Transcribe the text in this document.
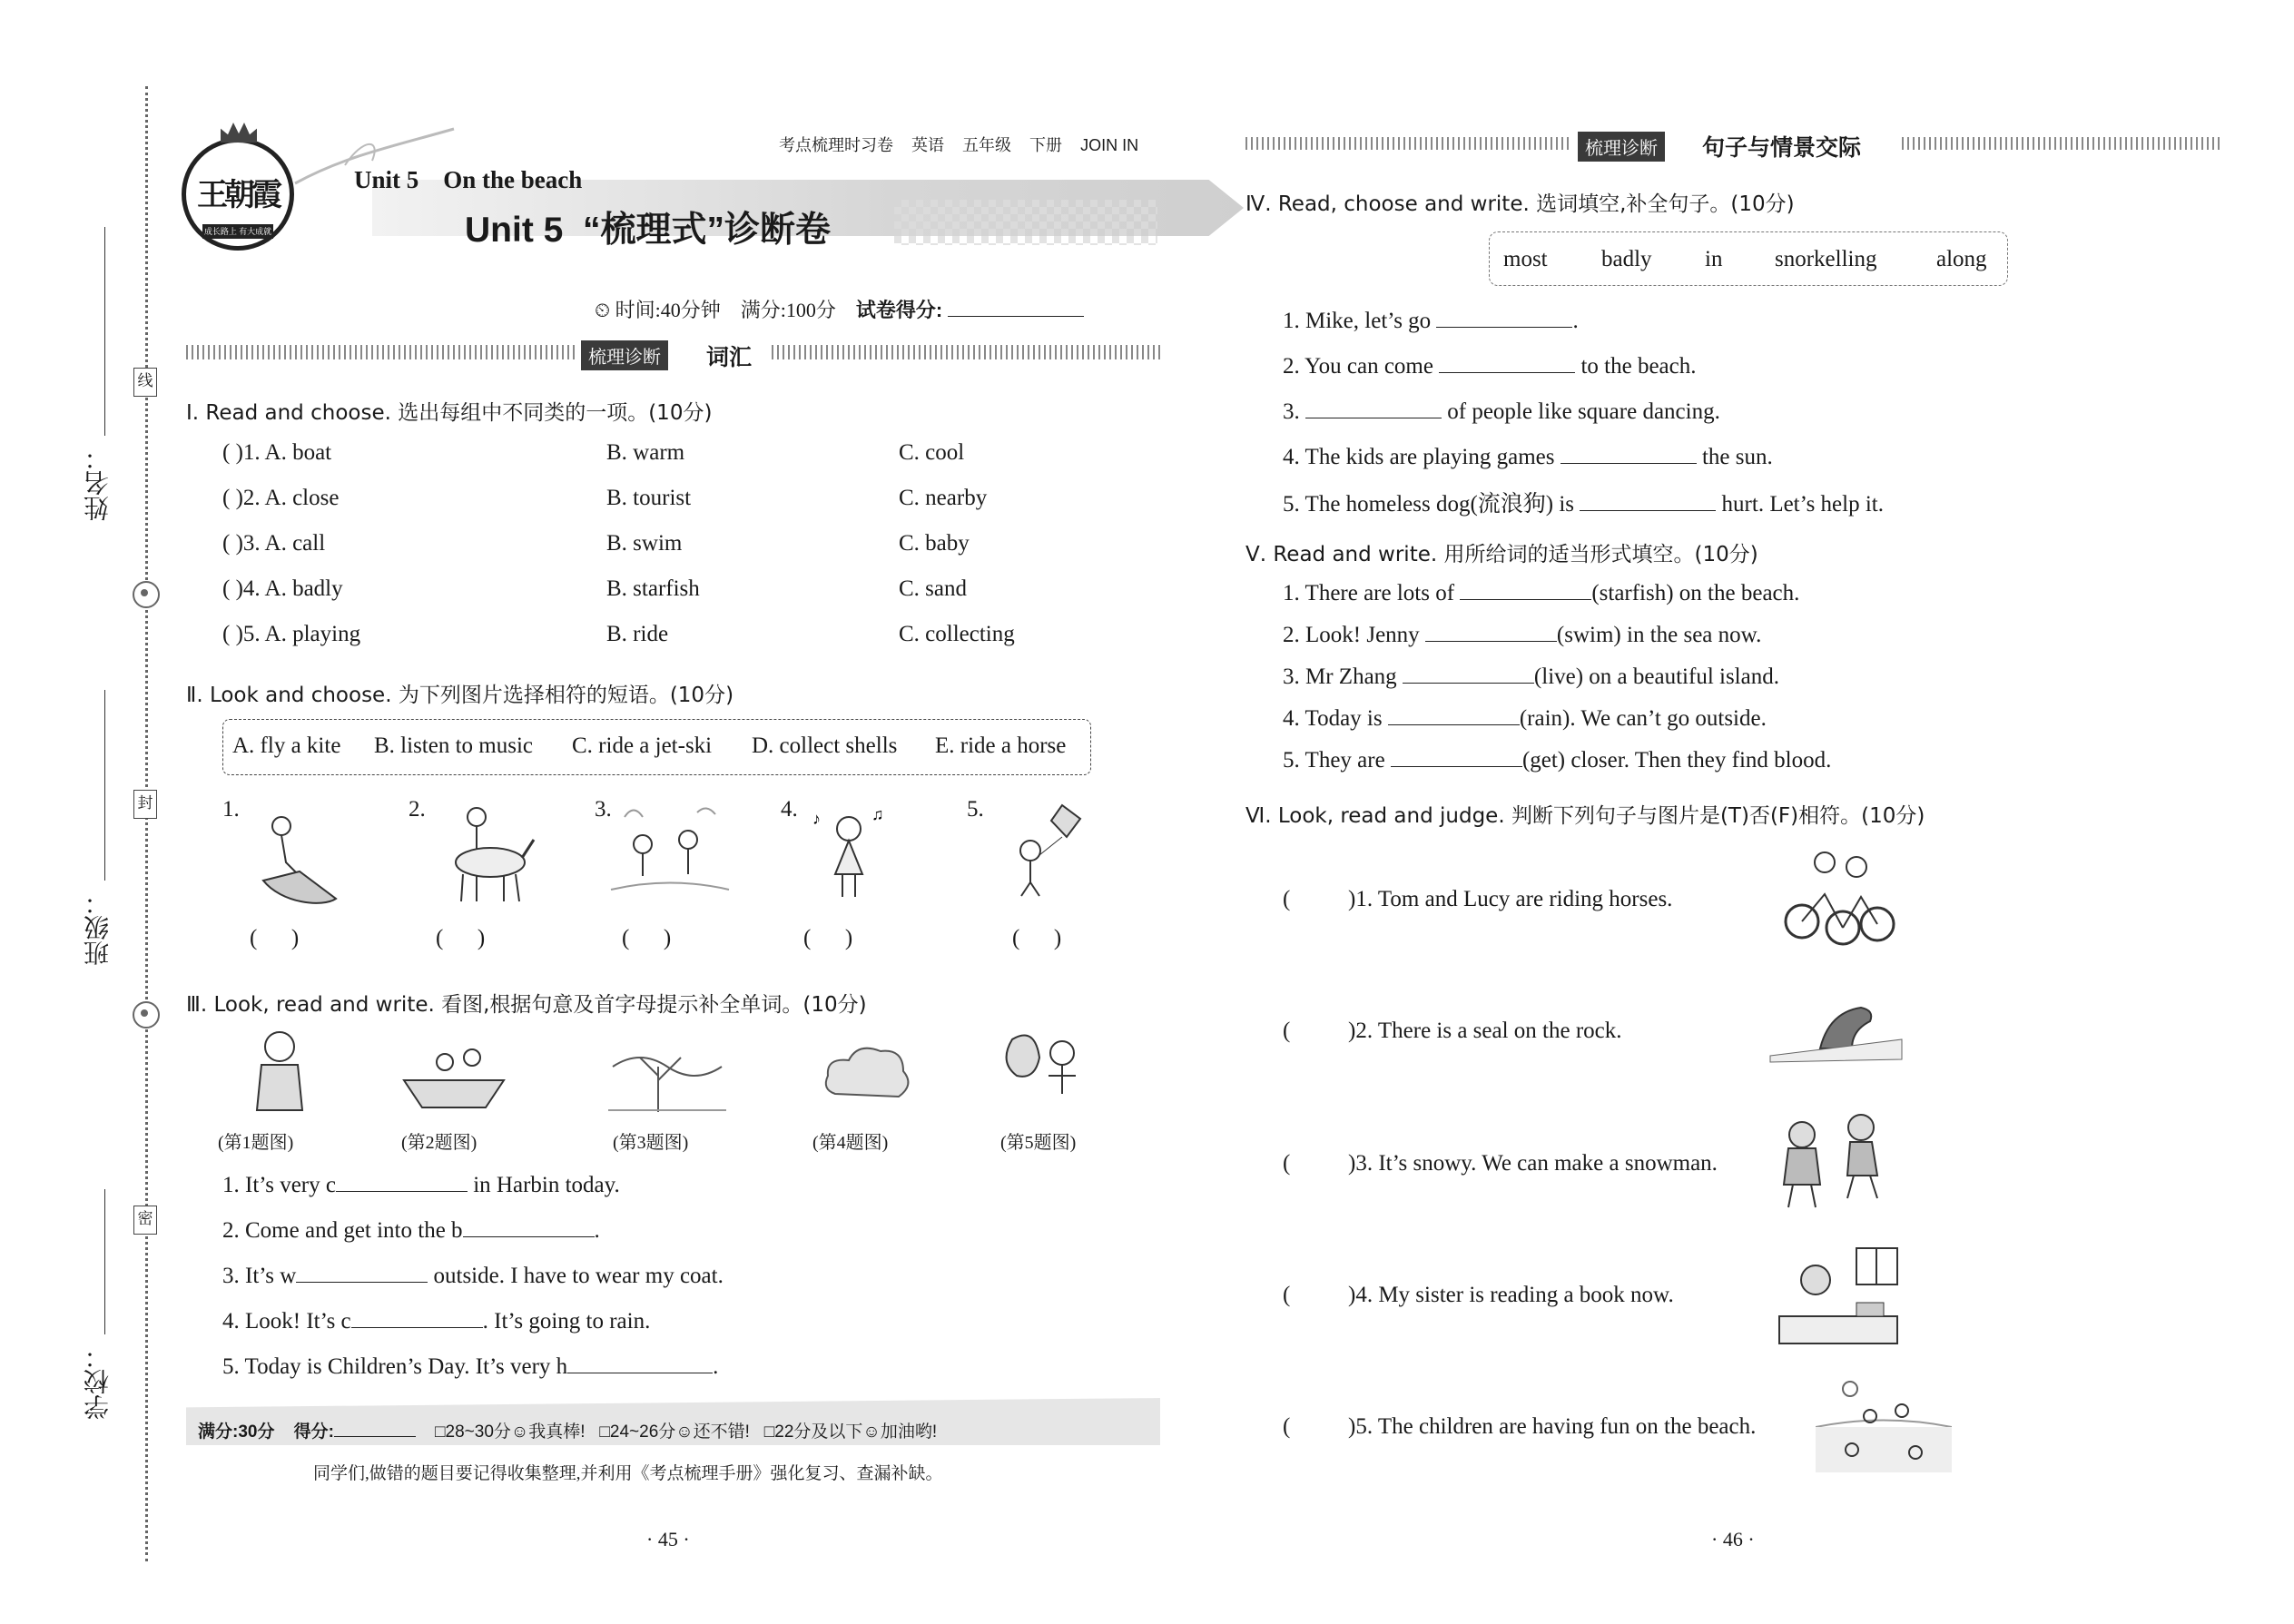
姓名：
班级：
学校：
线
封
密
考点梳理时习卷 英语 五年级 下册 JOIN IN
王朝霞
成长路上 有大成就
Unit 5    On the beach
Unit 5  “梳理式”诊断卷
⏲ 时间:40分钟 满分:100分 试卷得分:
梳理诊断	词汇
Ⅰ. Read and choose. 选出每组中不同类的一项。(10分)
( )1. A. boat	B. warm	C. cool
( )2. A. close	B. tourist	C. nearby
( )3. A. call	B. swim	C. baby
( )4. A. badly	B. starfish	C. sand
( )5. A. playing	B. ride	C. collecting
Ⅱ. Look and choose. 为下列图片选择相符的短语。(10分)
A. fly a kite B. listen to music C. ride a jet-ski D. collect shells E. ride a horse
1.	2.	3.	4.	5.
♪	♫
(      )	(      )	(      )	(      )	(      )
Ⅲ. Look, read and write. 看图,根据句意及首字母提示补全单词。(10分)
(第1题图)	(第2题图)	(第3题图)	(第4题图)	(第5题图)
1. It’s very c	in Harbin today.
2. Come and get into the b	.
3. It’s w	outside. I have to wear my coat.
4. Look! It’s c	. It’s going to rain.
5. Today is Children’s Day. It’s very h	.
满分:30分 得分:	□28~30分☺我真棒! □24~26分☺还不错! □22分及以下☺加油哟!
同学们,做错的题目要记得收集整理,并利用《考点梳理手册》强化复习、查漏补缺。
· 45 ·
梳理诊断	句子与情景交际
Ⅳ. Read, choose and write. 选词填空,补全句子。(10分)
most badly in snorkelling	along
1. Mike, let’s go	.
2. You can come	to the beach.
3.	of people like square dancing.
4. The kids are playing games	the sun.
5. The homeless dog(流浪狗) is	hurt. Let’s help it.
Ⅴ. Read and write. 用所给词的适当形式填空。(10分)
1. There are lots of	(starfish) on the beach.
2. Look! Jenny	(swim) in the sea now.
3. Mr Zhang	(live) on a beautiful island.
4. Today is	(rain). We can’t go outside.
5. They are	(get) closer. Then they find blood.
Ⅵ. Look, read and judge. 判断下列句子与图片是(T)否(F)相符。(10分)
(	)1. Tom and Lucy are riding horses.
(	)2. There is a seal on the rock.
(	)3. It’s snowy. We can make a snowman.
(	)4. My sister is reading a book now.
(	)5. The children are having fun on the beach.
· 46 ·
